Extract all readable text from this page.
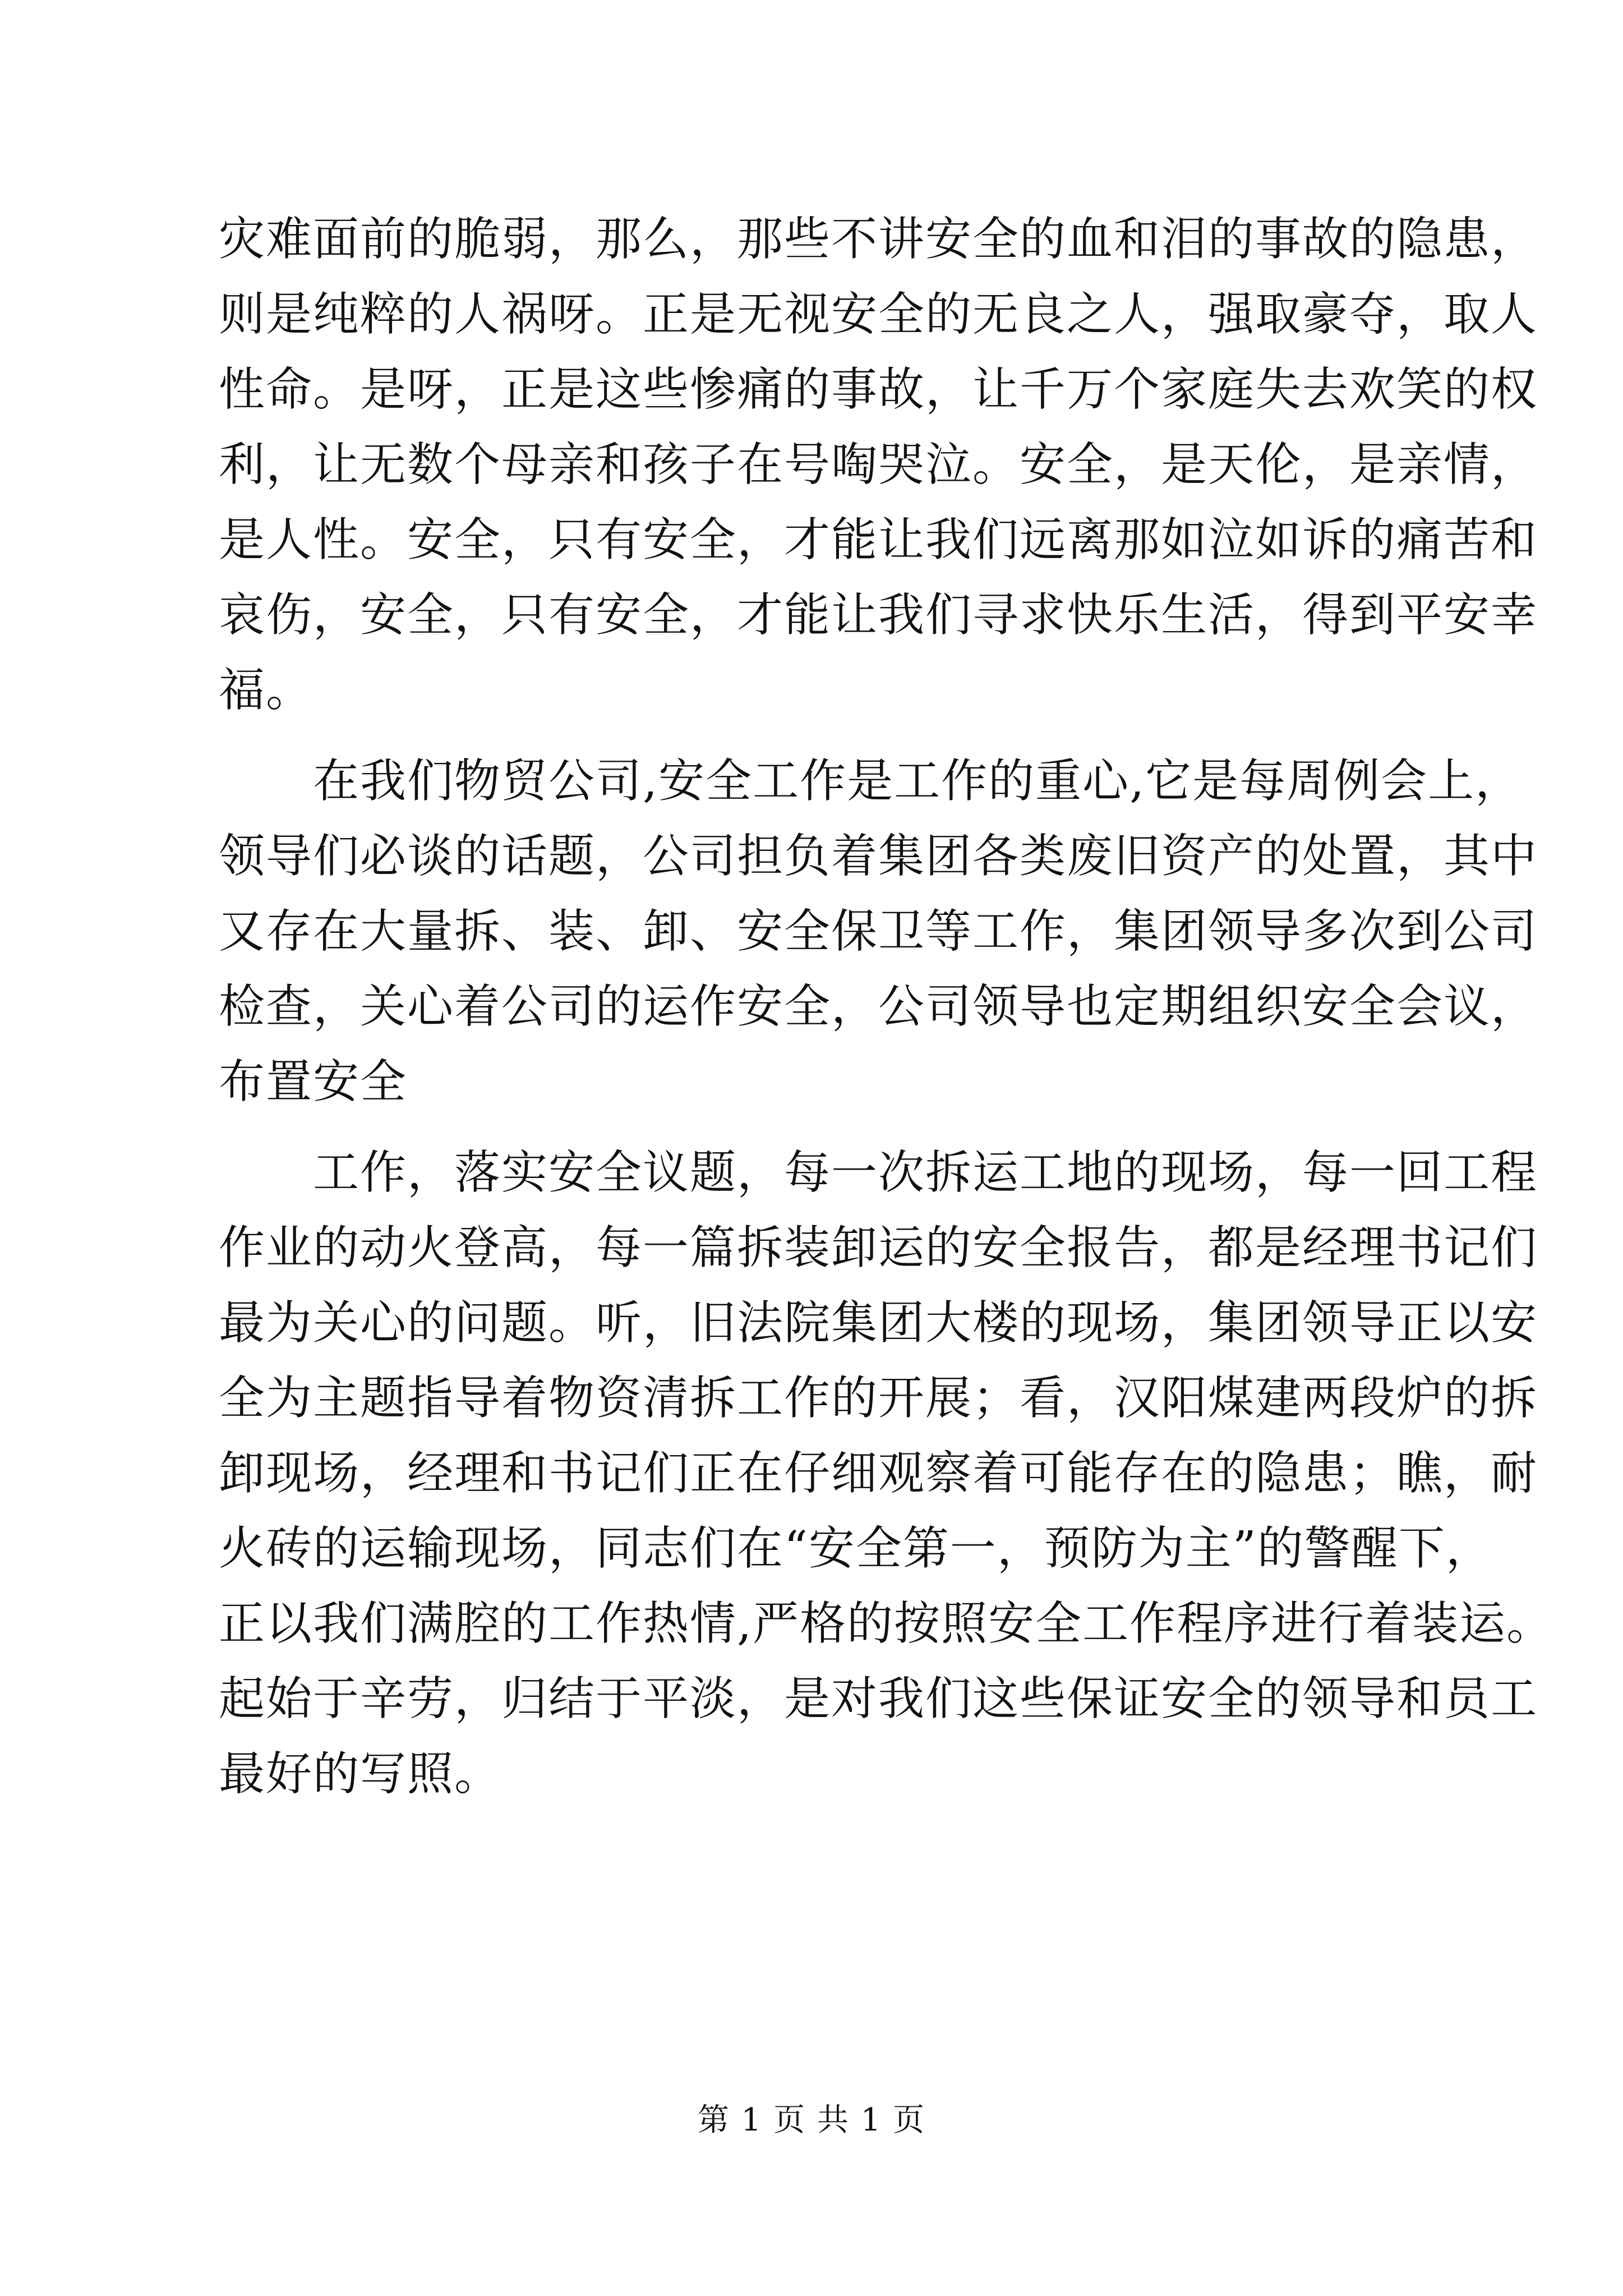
灾难面前的脆弱，那么，那些不讲安全的血和泪的事故的隐患，
则是纯粹的人祸呀。正是无视安全的无良之人，强取豪夺，取人
性命。是呀，正是这些惨痛的事故，让千万个家庭失去欢笑的权
利，让无数个母亲和孩子在号啕哭泣。安全，是天伦，是亲情，
是人性。安全，只有安全，才能让我们远离那如泣如诉的痛苦和
哀伤，安全，只有安全，才能让我们寻求快乐生活，得到平安幸
福。
　　在我们物贸公司,安全工作是工作的重心,它是每周例会上，
领导们必谈的话题，公司担负着集团各类废旧资产的处置，其中
又存在大量拆、装、卸、安全保卫等工作，集团领导多次到公司
检查，关心着公司的运作安全，公司领导也定期组织安全会议，
布置安全
　　工作，落实安全议题，每一次拆运工地的现场，每一回工程
作业的动火登高，每一篇拆装卸运的安全报告，都是经理书记们
最为关心的问题。听，旧法院集团大楼的现场，集团领导正以安
全为主题指导着物资清拆工作的开展；看，汉阳煤建两段炉的拆
卸现场，经理和书记们正在仔细观察着可能存在的隐患；瞧，耐
火砖的运输现场，同志们在“安全第一，预防为主”的警醒下，
正以我们满腔的工作热情,严格的按照安全工作程序进行着装运。
起始于辛劳，归结于平淡，是对我们这些保证安全的领导和员工
最好的写照。
第 1 页 共 1 页
